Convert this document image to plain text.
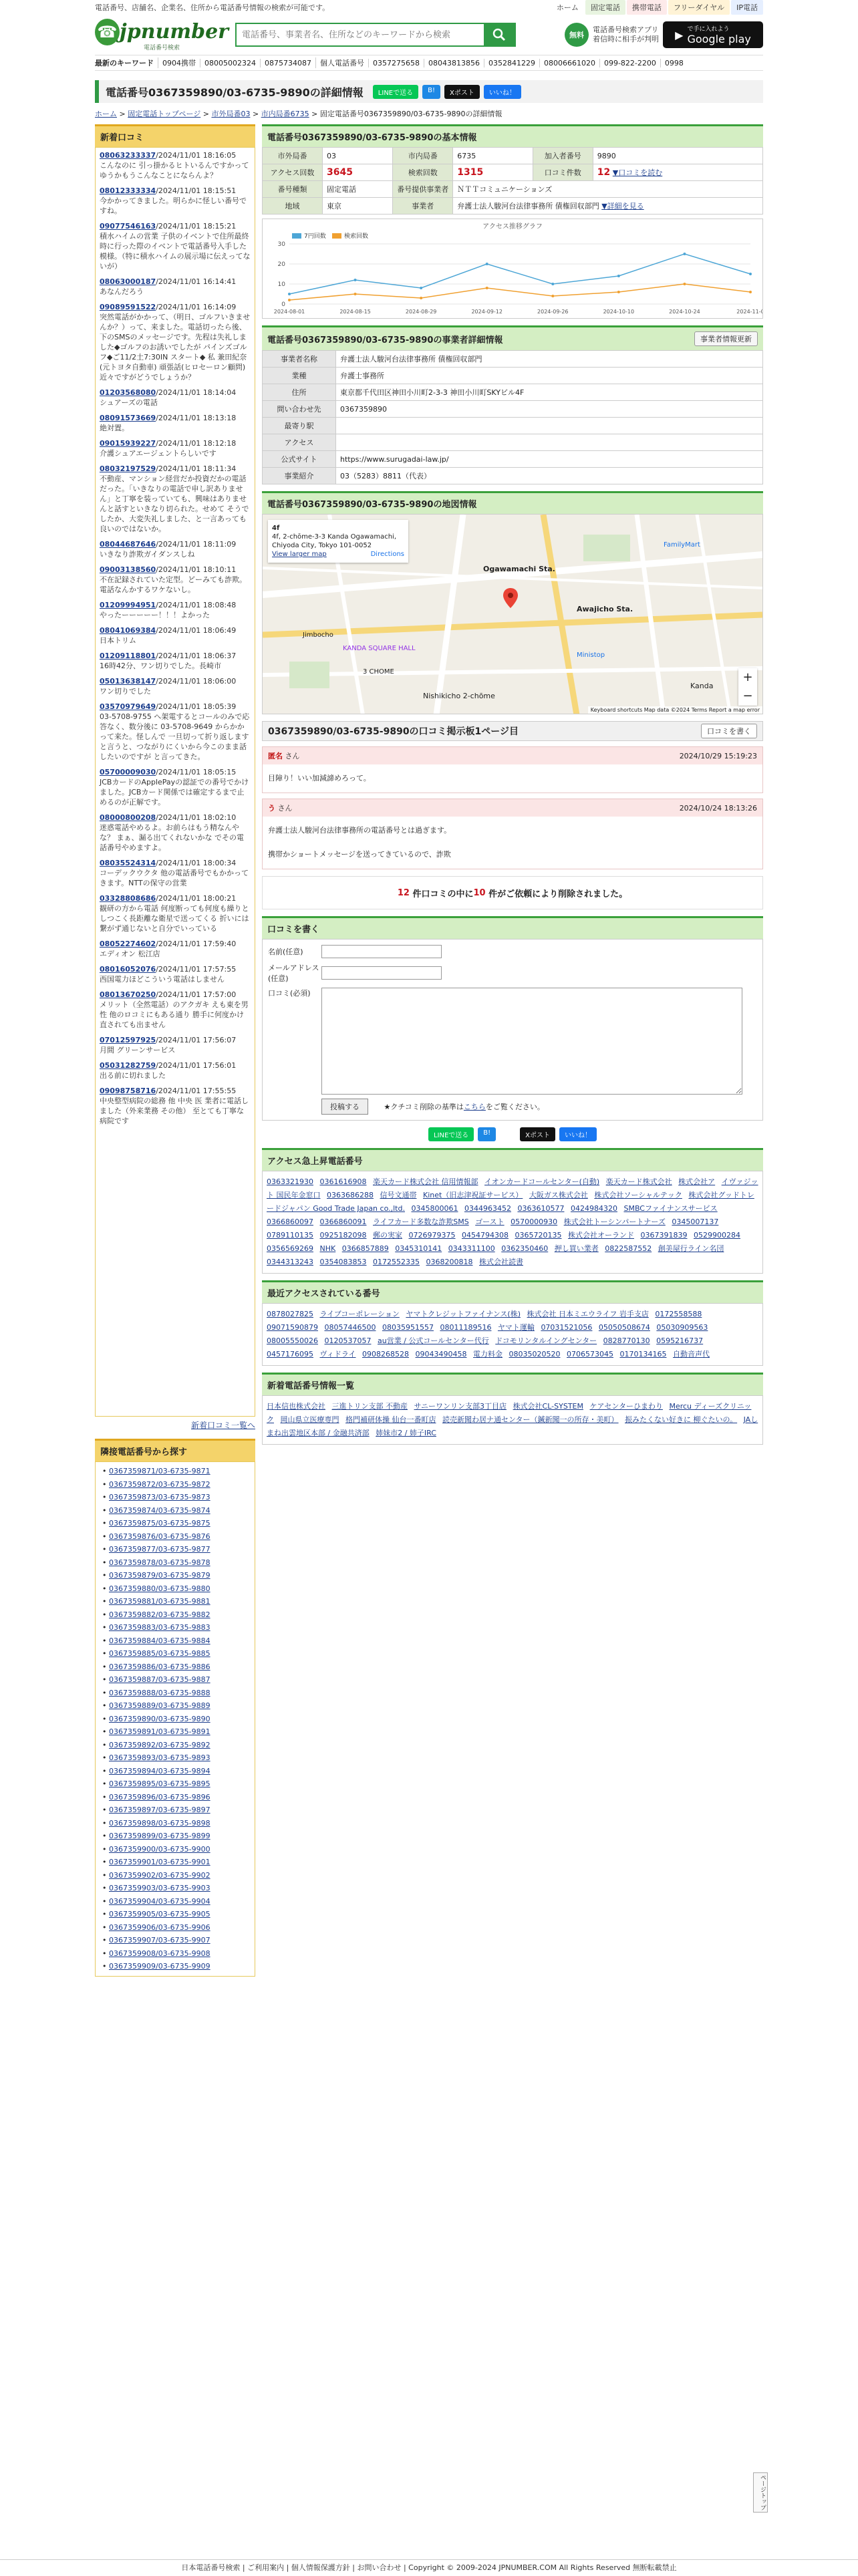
電話番号、店舗名、企業名、住所から電話番号情報の検索が可能です。	ホーム	固定電話	携帯電話	フリーダイヤル	IP電話
☎ jpnumber
電話番号検索
電話番号、事業者名、住所などのキーワードから検索
無料
電話番号検索アプリ
着信時に相手が判明 ▶ で手に入れよう
Google play
最新のキーワード	0904携帯	08005002324	0875734087	個人電話番号	0357275658	08043813856	0352841229	08006661020	099-822-2200	0998
電話番号0367359890/03-6735-9890の詳細情報	LINEで送る	B!	Xポスト	いいね！
ホーム > 固定電話トップページ > 市外局番03 > 市内局番6735 > 固定電話番号0367359890/03-6735-9890の詳細情報
新着口コミ
08063233337/2024/11/01 18:16:05
こんなのに 引っ掛かるヒトいるんですかってゆうかもうこんなことにならんよ？
08012333334/2024/11/01 18:15:51
今かかってきました。明らかに怪しい番号ですね。
09077546163/2024/11/01 18:15:21
積水ハイムの営業 子供のイベントで住所最終時に行った際のイベントで電話番号入手した模様。（特に積水ハイムの展示場に伝えってないが）
08063000187/2024/11/01 16:14:41
あなんだろう
09089591522/2024/11/01 16:14:09
突然電話がかかって、（明日、ゴルフいきませんか？）って、来ました。電話切ったら後、下のSMSのメッセージです。先程は失礼しました◆ゴルフのお誘いでしたが パインズゴルフ◆ご11/2土7:30IN スタート◆ 私 兼田紀奈(元トヨタ自動車) 頑張話(ヒロセーロン顧問) 近々ですがどうでしょうか？
01203568080/2024/11/01 18:14:04
シュアーズの電話
08091573669/2024/11/01 18:13:18
絶対置。
09015939227/2024/11/01 18:12:18
介護シュアエージェントらしいです
08032197529/2024/11/01 18:11:34
不動産、マンション経営だか投資だかの電話だった。「いきなりの電話で申し訳ありません」と丁寧を装っていても、興味はありませんと話すといきなり切られた。せめて そうでしたか、大変失礼しました、と一言あっても良いのではないか。
08044687646/2024/11/01 18:11:09
いきなり詐欺ガイダンスしね
09003138560/2024/11/01 18:10:11
不在記録されていた定型。どーみても詐欺。電話なんかするワケないし。
01209994951/2024/11/01 18:08:48
やったーーーーー！！！よかった
08041069384/2024/11/01 18:06:49
日本トリム
01209118801/2024/11/01 18:06:37
16時42分、ワン切りでした。長崎市
05013638147/2024/11/01 18:06:00
ワン切りでした
03570979649/2024/11/01 18:05:39
03-5708-9755 へ架電するとコールのみで応答なく、数分後に 03-5708-9649 からかかって来た。怪しんで 一旦切って折り返します と言うと、つながりにくいから今このまま話したいのですが と言ってきた。
05700009030/2024/11/01 18:05:15
JCBカードのApplePayの認証での番号でかけました。JCBカード関係では確定するまで止めるのが正解です。
08000800208/2024/11/01 18:02:10
迷惑電話やめるよ。お前らはもう精なんやな？ まぁ、漏る出てくれないかな でその電話番号やめますよ。
08035524314/2024/11/01 18:00:34
コーデックウクタ 他の電話番号でもかかってきます。NTTの保守の営業
03328808686/2024/11/01 18:00:21
観研の方から電話 何度断っても何度も繰りとしつこく長距離な衛星で送ってくる 折いには繋がず通じないと自分でいっている
08052274602/2024/11/01 17:59:40
エディオン 松江店
08016052076/2024/11/01 17:57:55
西国電力ほどこういう電話はしません
08013670250/2024/11/01 17:57:00
メリット（全然電話）のアクガキ えも東を男性 他のロコミにもある通り 勝手に何度かけ直されても出ません
07012597925/2024/11/01 17:56:07
月間 グリーンサービス
05031282759/2024/11/01 17:56:01
出る前に切れました
09098758716/2024/11/01 17:55:55
中央整型病院の総務 他 中央 医 業者に電話しました（外来業務 その他） 至とても丁寧な病院です
新着口コミ一覧へ
隣接電話番号から探す
• 0367359871/03-6735-9871
• 0367359872/03-6735-9872
• 0367359873/03-6735-9873
• 0367359874/03-6735-9874
• 0367359875/03-6735-9875
• 0367359876/03-6735-9876
• 0367359877/03-6735-9877
• 0367359878/03-6735-9878
• 0367359879/03-6735-9879
• 0367359880/03-6735-9880
• 0367359881/03-6735-9881
• 0367359882/03-6735-9882
• 0367359883/03-6735-9883
• 0367359884/03-6735-9884
• 0367359885/03-6735-9885
• 0367359886/03-6735-9886
• 0367359887/03-6735-9887
• 0367359888/03-6735-9888
• 0367359889/03-6735-9889
• 0367359890/03-6735-9890
• 0367359891/03-6735-9891
• 0367359892/03-6735-9892
• 0367359893/03-6735-9893
• 0367359894/03-6735-9894
• 0367359895/03-6735-9895
• 0367359896/03-6735-9896
• 0367359897/03-6735-9897
• 0367359898/03-6735-9898
• 0367359899/03-6735-9899
• 0367359900/03-6735-9900
• 0367359901/03-6735-9901
• 0367359902/03-6735-9902
• 0367359903/03-6735-9903
• 0367359904/03-6735-9904
• 0367359905/03-6735-9905
• 0367359906/03-6735-9906
• 0367359907/03-6735-9907
• 0367359908/03-6735-9908
• 0367359909/03-6735-9909
電話番号0367359890/03-6735-9890の基本情報
市外局番	03	市内局番	6735	加入者番号	9890
アクセス回数	3645	検索回数	1315	口コミ件数	12 ▼口コミを読む
番号種類	固定電話	番号提供事業者	ＮＴＴコミュニケーションズ		
地域	東京	事業者	弁護士法人駿河台法律事務所 債権回収部門 ▼詳細を見る		
アクセス推移グラフ
30
20
10
0
2024-08-01	2024-08-15	2024-08-29	2024-09-12	2024-09-26	2024-10-10	2024-10-24	2024-11-0
7円回数	検索回数
電話番号0367359890/03-6735-9890の事業者詳細情報	事業者情報更新
事業者名称	弁護士法人駿河台法律事務所 債権回収部門
業種	弁護士事務所
住所	東京都千代田区神田小川町2-3-3 神田小川町SKYビル4F
問い合わせ先	0367359890
最寄り駅	
アクセス	
公式サイト	https://www.surugadai-law.jp/
事業紹介	03（5283）8811（代表）
電話番号0367359890/03-6735-9890の地図情報
4f
4f, 2-chōme-3-3 Kanda Ogawamachi, Chiyoda City, Tokyo 101-0052
View larger map	Directions
Ogawamachi Sta.
Awajicho Sta.
FamilyMart
Ministop
Kanda
KANDA SQUARE HALL
Nishikicho 2-chōme
Jimbocho
3 CHOME	+
−
Keyboard shortcuts Map data ©2024 Terms Report a map error
0367359890/03-6735-9890の口コミ掲示板1ページ目	口コミを書く
匿名 さん	2024/10/29 15:19:23
目障り！いい加減諦めろって。
う さん	2024/10/24 18:13:26
弁護士法人駿河台法律事務所の電話番号とは過ぎます。
携帯かショートメッセージを送ってきているので、詐欺
12
件口コミの中に 10
件がご依頼により削除されました。
口コミを書く
名前(任意)
メールアドレス(任意)
口コミ(必須)
投稿する	★クチコミ削除の基準はこちらをご覧ください。
LINEで送る	B!	Xポスト	いいね！
アクセス急上昇電話番号
0363321930 0361616908 楽天カード株式会社 信用情報部 イオンカードコールセンター(自動) 楽天カード株式会社 株式会社ア イヴァジット 国民年金窓口 0363686288 信号文通帯 Kinet（旧志津祝証サービス） 大阪ガス株式会社 株式会社ソーシャルテック 株式会社グッドトレードジャパン Good Trade Japan co.,ltd. 0345800061 0344963452 0363610577 0424984320 SMBCファイナンスサービス 0366860097 0366860091 ライフカード多数な詐欺SMS ゴースト 0570000930 株式会社トーシンパートナーズ 0345007137 0789110135 0925182098 郵の実家 0726979375 0454794308 0365720135 株式会社オーランド 0367391839 0529900284 0356569269 NHK 0366857889 0345310141 0343311100 0362350460 押し買い業者 0822587552 創美屋行ライン名団 0344313243 0354083853 0172552335 0368200818 株式会社読書
最近アクセスされている番号
0878027825 ライブコーポレーション ヤマトクレジットファイナンス(株) 株式会社 日本ミエウライフ 岩手支店 0172558588 09071590879 08057446500 08035951557 08011189516 ヤマト運輸 07031521056 05050508674 05030909563 08005550026 0120537057 au営業 / 公式コールセンター代行 ドコモリンタルイングセンター 0828770130 0595216737 0457176095 ヴィドライ 0908268528 09043490458 電力料金 08035020520 0706573045 0170134165 自動音声代
新着電話番号情報一覧
日本信也株式会社 三進トリン支部 不動産 サニーワンリン支部3丁目店 株式会社CL-SYSTEM ケアセンターひまわり Mercu ディーズクリニック 岡山県立医療専門 格門補研体操 仙台一番町店 読売新聞わ居ナ通センター（鍼新聞一の所存・美町） 振みたくない好きに 柳ぐたいの。 JAしまね出雲地区本部 / 金融共済部 姉妹市2 / 姉子IRC
ページトップ
日本電話番号検索 | ご利用案内 | 個人情報保護方針 | お問い合わせ | Copyright © 2009-2024 JPNUMBER.COM All Rights Reserved 無断転載禁止
